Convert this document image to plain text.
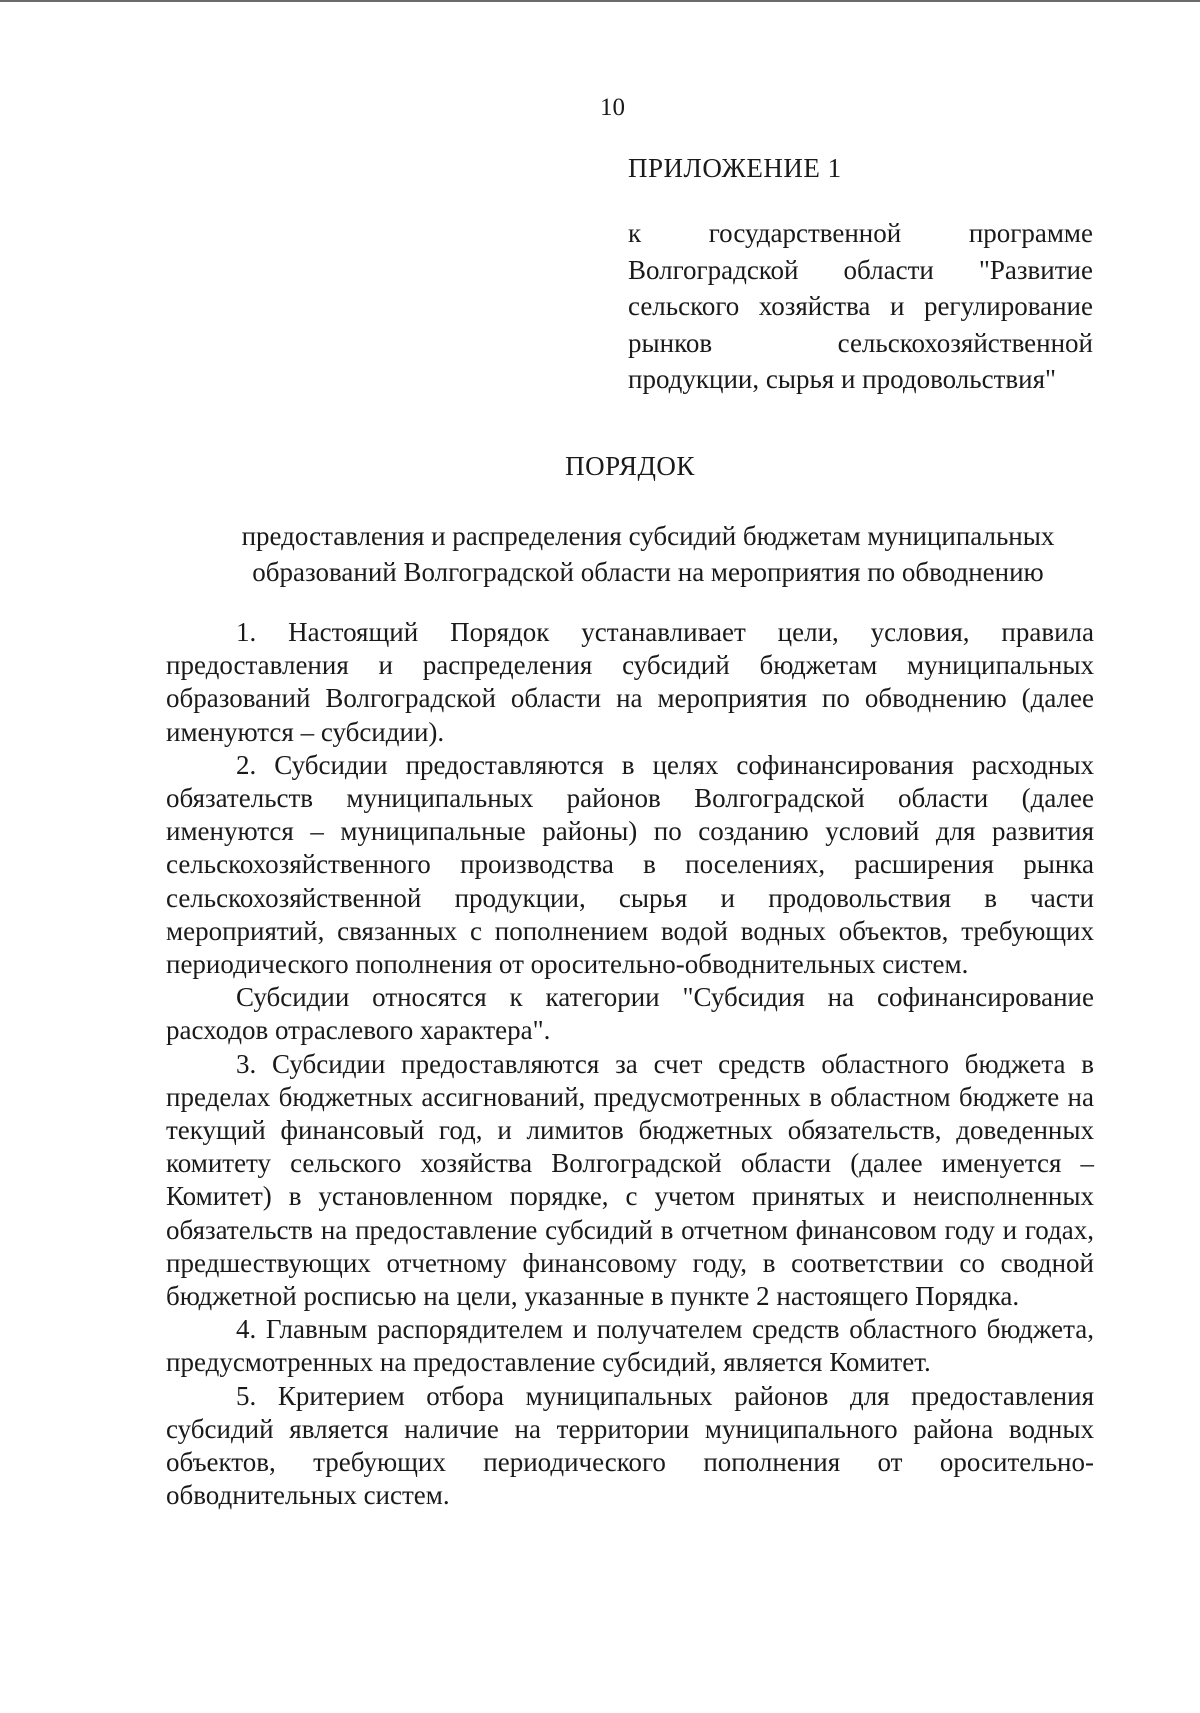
10
ПРИЛОЖЕНИЕ 1
к государственной программе Волгоградской области "Развитие сельского хозяйства и регулирование рынков сельскохозяйственной
продукции, сырья и продовольствия"
ПОРЯДОК
предоставления и распределения субсидий бюджетам муниципальных
образований Волгоградской области на мероприятия по обводнению

1. Настоящий Порядок устанавливает цели, условия, правила предоставления и распределения субсидий бюджетам муниципальных образований Волгоградской области на мероприятия по обводнению (далее именуются – субсидии).

2. Субсидии предоставляются в целях софинансирования расходных обязательств муниципальных районов Волгоградской области (далее именуются – муниципальные районы) по созданию условий для развития сельскохозяйственного производства в поселениях, расширения рынка сельскохозяйственной продукции, сырья и продовольствия в части мероприятий, связанных с пополнением водой водных объектов, требующих периодического пополнения от оросительно-обводнительных систем.

Субсидии относятся к категории "Субсидия на софинансирование расходов отраслевого характера".

3. Субсидии предоставляются за счет средств областного бюджета в пределах бюджетных ассигнований, предусмотренных в областном бюджете на текущий финансовый год, и лимитов бюджетных обязательств, доведенных комитету сельского хозяйства Волгоградской области (далее именуется – Комитет) в установленном порядке, с учетом принятых и неисполненных обязательств на предоставление субсидий в отчетном финансовом году и годах, предшествующих отчетному финансовому году, в соответствии со сводной бюджетной росписью на цели, указанные в пункте 2 настоящего Порядка.

4. Главным распорядителем и получателем средств областного бюджета, предусмотренных на предоставление субсидий, является Комитет.

5. Критерием отбора муниципальных районов для предоставления субсидий является наличие на территории муниципального района водных объектов, требующих периодического пополнения от оросительно-обводнительных систем.
